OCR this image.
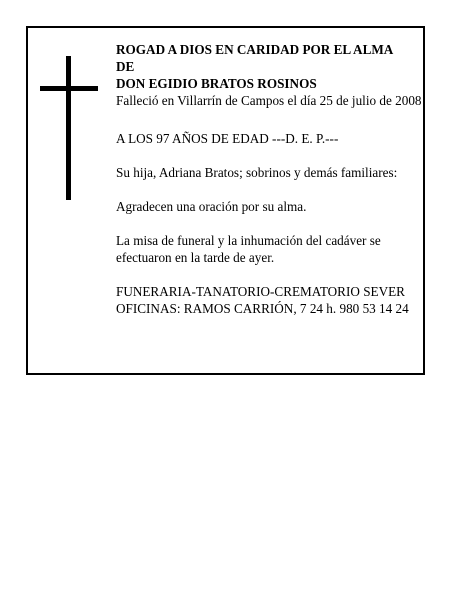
ROGAD A DIOS EN CARIDAD POR EL ALMA

DE

DON EGIDIO BRATOS ROSINOS

Falleció en Villarrín de Campos el día 25 de julio de 2008

A LOS 97 AÑOS DE EDAD ---D. E. P.---

Su hija, Adriana Bratos; sobrinos y demás familiares:

Agradecen una oración por su alma.

La misa de funeral y la inhumación del cadáver se efectuaron en la tarde de ayer.

FUNERARIA-TANATORIO-CREMATORIO SEVER

OFICINAS: RAMOS CARRIÓN, 7 24 h. 980 53 14 24
